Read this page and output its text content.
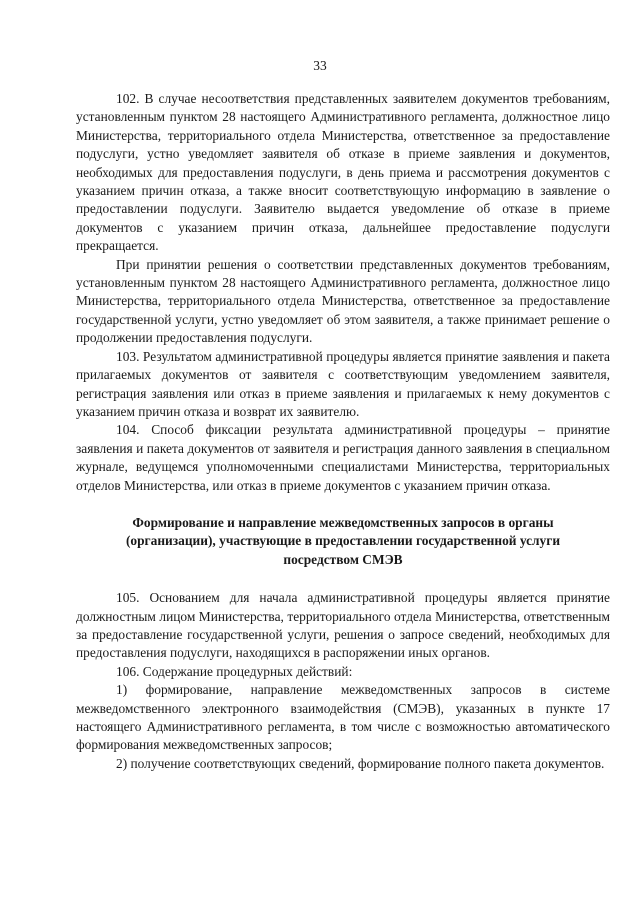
33

102. В случае несоответствия представленных заявителем документов требованиям, установленным пунктом 28 настоящего Административного регламента, должностное лицо Министерства, территориального отдела Министерства, ответственное за предоставление подуслуги, устно уведомляет заявителя об отказе в приеме заявления и документов, необходимых для предоставления подуслуги, в день приема и рассмотрения документов с указанием причин отказа, а также вносит соответствующую информацию в заявление о предоставлении подуслуги. Заявителю выдается уведомление об отказе в приеме документов с указанием причин отказа, дальнейшее предоставление подуслуги прекращается.

При принятии решения о соответствии представленных документов требованиям, установленным пунктом 28 настоящего Административного регламента, должностное лицо Министерства, территориального отдела Министерства, ответственное за предоставление государственной услуги, устно уведомляет об этом заявителя, а также принимает решение о продолжении предоставления подуслуги.

103. Результатом административной процедуры является принятие заявления и пакета прилагаемых документов от заявителя с соответствующим уведомлением заявителя, регистрация заявления или отказ в приеме заявления и прилагаемых к нему документов с указанием причин отказа и возврат их заявителю.

104. Способ фиксации результата административной процедуры – принятие заявления и пакета документов от заявителя и регистрация данного заявления в специальном журнале, ведущемся уполномоченными специалистами Министерства, территориальных отделов Министерства, или отказ в приеме документов с указанием причин отказа.

Формирование и направление межведомственных запросов в органы
(организации), участвующие в предоставлении государственной услуги
посредством СМЭВ

105. Основанием для начала административной процедуры является принятие должностным лицом Министерства, территориального отдела Министерства, ответственным за предоставление государственной услуги, решения о запросе сведений, необходимых для предоставления подуслуги, находящихся в распоряжении иных органов.

106. Содержание процедурных действий:

1) формирование, направление межведомственных запросов в системе межведомственного электронного взаимодействия (СМЭВ), указанных в пункте 17 настоящего Административного регламента, в том числе с возможностью автоматического формирования межведомственных запросов;

2) получение соответствующих сведений, формирование полного пакета документов.
